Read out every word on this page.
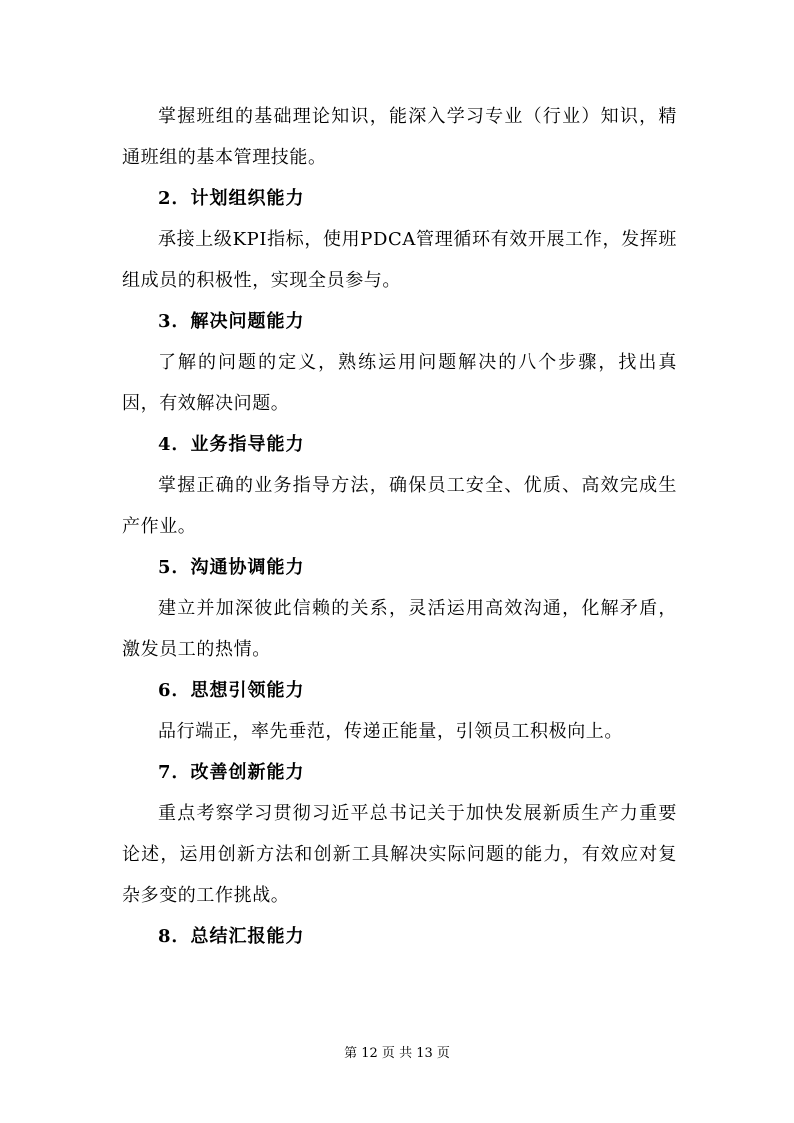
掌握班组的基础理论知识，能深入学习专业（行业）知识，精通班组的基本管理技能。

2．计划组织能力

承接上级KPI指标，使用PDCA管理循环有效开展工作，发挥班组成员的积极性，实现全员参与。

3．解决问题能力

了解的问题的定义，熟练运用问题解决的八个步骤，找出真因，有效解决问题。

4．业务指导能力

掌握正确的业务指导方法，确保员工安全、优质、高效完成生产作业。

5．沟通协调能力

建立并加深彼此信赖的关系，灵活运用高效沟通，化解矛盾，激发员工的热情。

6．思想引领能力

品行端正，率先垂范，传递正能量，引领员工积极向上。

7．改善创新能力

重点考察学习贯彻习近平总书记关于加快发展新质生产力重要论述，运用创新方法和创新工具解决实际问题的能力，有效应对复杂多变的工作挑战。

8．总结汇报能力

第 12 页 共 13 页
